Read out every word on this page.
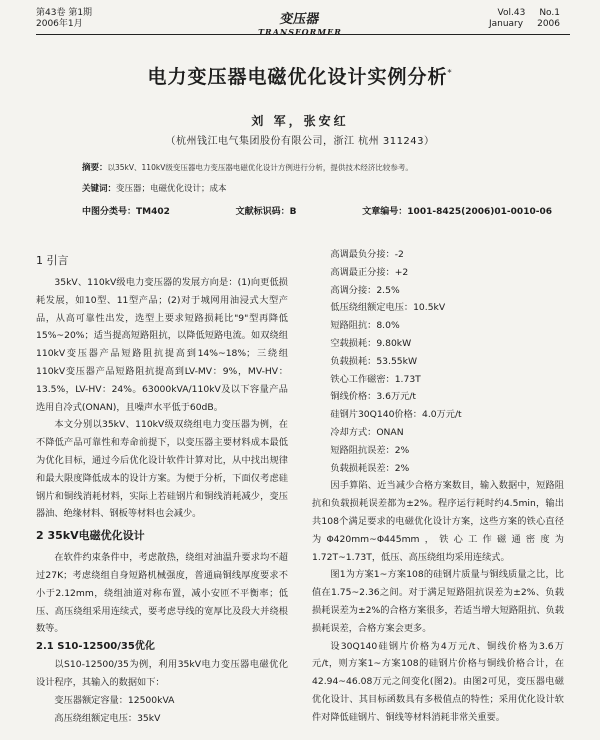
第43卷 第1期
2006年1月	变压器
TRANSFORMER
Vol.43 No.1
January 2006
电力变压器电磁优化设计实例分析*
刘 军，张安红
（杭州钱江电气集团股份有限公司，浙江 杭州 311243）
摘要：以35kV、110kV级变压器电力变压器电磁优化设计方例进行分析，提供技术经济比较参考。
关键词：变压器；电磁优化设计；成本
中图分类号：TM402	文献标识码：B	文章编号：1001-8425(2006)01-0010-06
1 引言

35kV、110kV级电力变压器的发展方向是：(1)向更低损耗发展，如10型、11型产品；(2)对于城网用油浸式大型产品，从高可靠性出发，选型上要求短路损耗比"9"型再降低15%~20%；适当提高短路阻抗，以降低短路电流。如双绕组110kV变压器产品短路阻抗提高到14%~18%；三绕组110kV变压器产品短路阻抗提高到LV-MV：9%，MV-HV：13.5%，LV-HV：24%。63000kVA/110kV及以下容量产品选用自冷式(ONAN)，且噪声水平低于60dB。

本文分别以35kV、110kV级双绕组电力变压器为例，在不降低产品可靠性和寿命前提下，以变压器主要材料成本最低为优化目标，通过今后优化设计软件计算对比，从中找出规律和最大限度降低成本的设计方案。为便于分析，下面仅考虑硅钢片和铜线消耗材料，实际上若硅钢片和铜线消耗减少，变压器油、绝缘材料、钢板等材料也会减少。

2 35kV电磁优化设计

在软件约束条件中，考虑散热，绕组对油温升要求均不超过27K；考虑绕组自身短路机械强度，普通扁铜线厚度要求不小于2.12mm，绕组油道对称布置，减小安匝不平衡率；低压、高压绕组采用连续式，要考虑导线的宽厚比及段大并绕根数等。

2.1 S10-12500/35优化

以S10-12500/35为例，利用35kV电力变压器电磁优化设计程序，其输入的数据如下：

变压器额定容量：12500kVA
高压绕组额定电压：35kV
高调最负分接：-2
高调最正分接：+2
高调分接：2.5%
低压绕组额定电压：10.5kV
短路阻抗：8.0%
空载损耗：9.80kW
负载损耗：53.55kW
铁心工作磁密：1.73T
铜线价格：3.6万元/t
硅钢片30Q140价格：4.0万元/t
冷却方式：ONAN
短路阻抗误差：2%
负载损耗误差：2%

因手算陷、近当减少合格方案数目，输入数据中，短路阻抗和负载损耗误差都为±2%。程序运行耗时约4.5min，输出共108个满足要求的电磁优化设计方案，这些方案的铁心直径为Φ420mm~Φ445mm，铁心工作磁通密度为1.72T~1.73T，低压、高压绕组均采用连续式。

图1为方案1~方案108的硅钢片质量与铜线质量之比，比值在1.75~2.36之间。对于满足短路阻抗误差为±2%、负载损耗误差为±2%的合格方案很多，若适当增大短路阻抗、负载损耗误差，合格方案会更多。

设30Q140硅钢片价格为4万元/t、铜线价格为3.6万元/t，则方案1~方案108的硅钢片价格与铜线价格合计，在42.94~46.08万元之间变化(图2)。由图2可见，变压器电磁优化设计、其目标函数具有多极值点的特性；采用优化设计软件对降低硅钢片、铜线等材料消耗非常关重要。
